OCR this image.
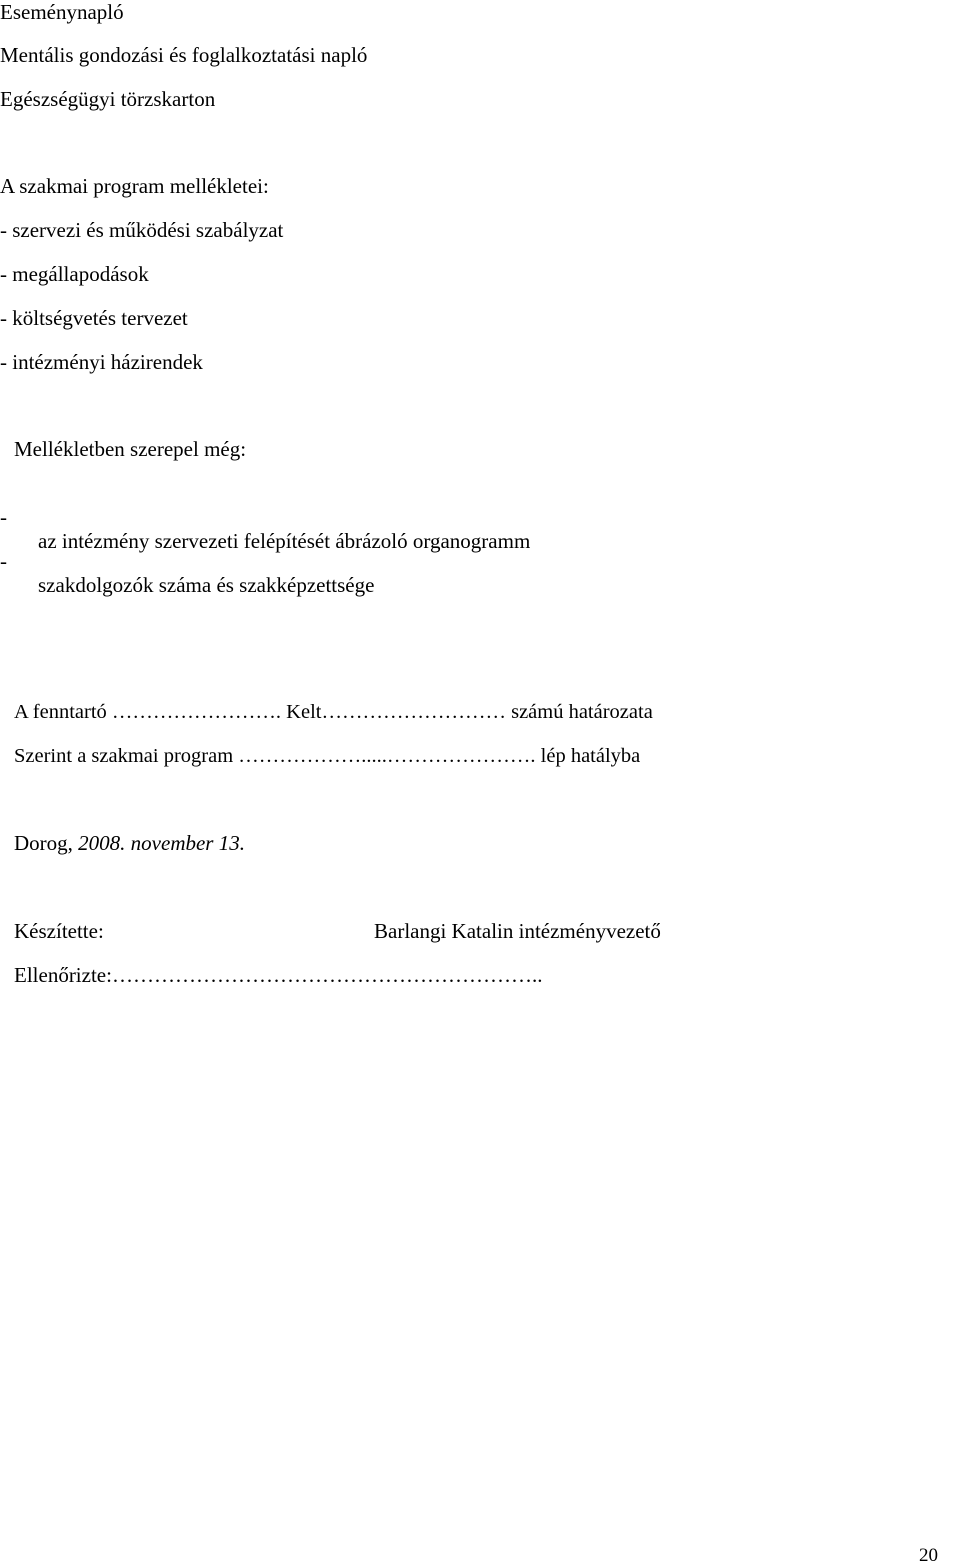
Eseménynapló
Mentális gondozási és foglalkoztatási napló
Egészségügyi törzskarton
A szakmai program mellékletei:
- szervezi és működési szabályzat
- megállapodások
- költségvetés tervezet
- intézményi házirendek
Mellékletben szerepel még:

-

az intézmény szervezeti felépítését ábrázoló organogramm

-

szakdolgozók száma és szakképzettsége

A fenntartó ……………………. Kelt……………………… számú határozata
Szerint a szakmai program ……………….....…………………. lép hatályba
Dorog, 2008. november 13.
Készítette:	Barlangi Katalin intézményvezető
Ellenőrizte:……………………………………………………..
20
